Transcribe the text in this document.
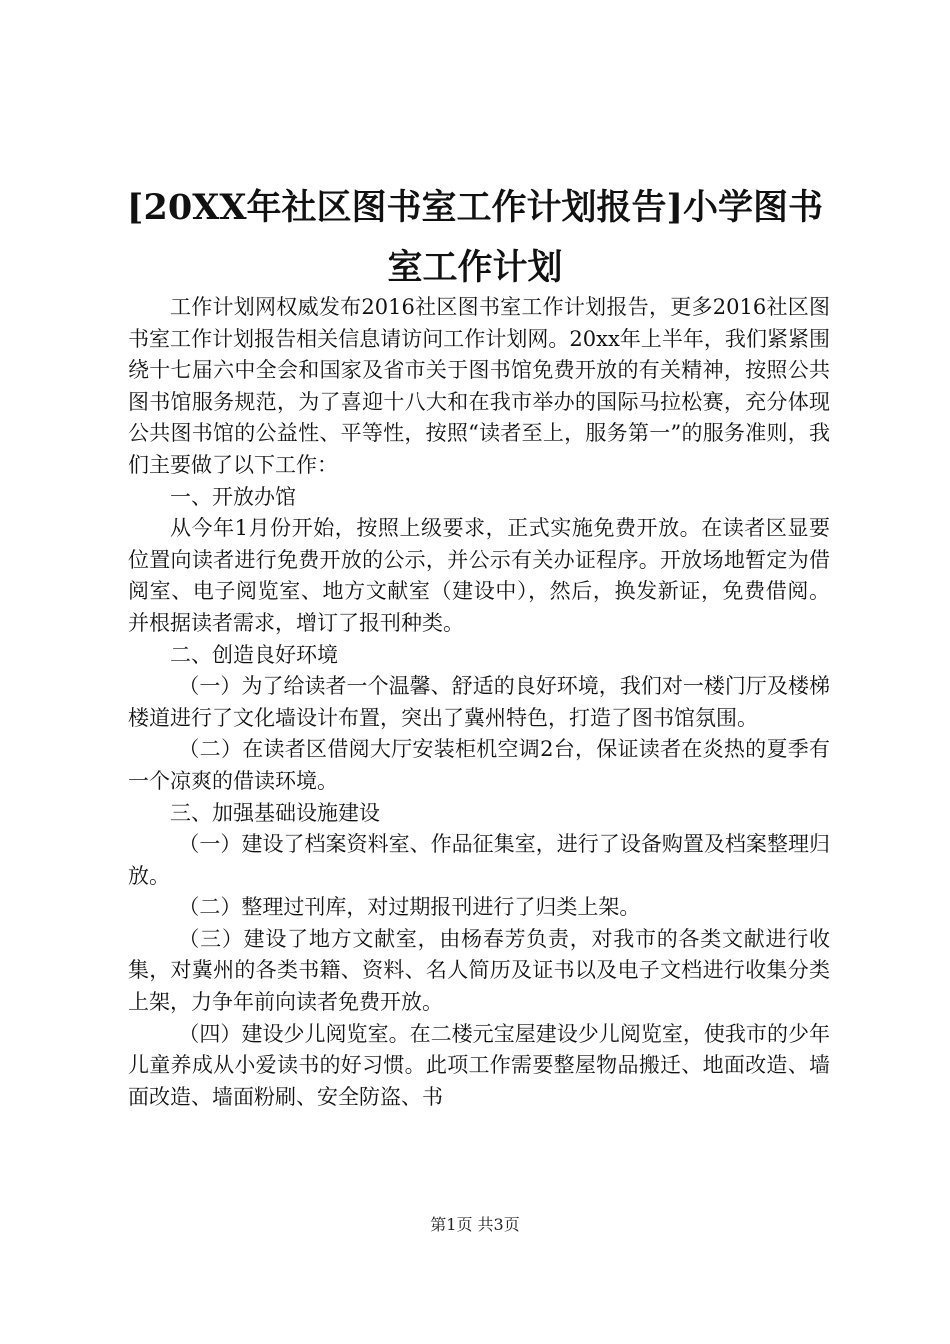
[20XX年社区图书室工作计划报告]小学图书
室工作计划

工作计划网权威发布2016社区图书室工作计划报告，更多2016社区图书室工作计划报告相关信息请访问工作计划网。20xx年上半年，我们紧紧围绕十七届六中全会和国家及省市关于图书馆免费开放的有关精神，按照公共图书馆服务规范，为了喜迎十八大和在我市举办的国际马拉松赛，充分体现公共图书馆的公益性、平等性，按照“读者至上，服务第一”的服务准则，我们主要做了以下工作：

一、开放办馆

从今年1月份开始，按照上级要求，正式实施免费开放。在读者区显要位置向读者进行免费开放的公示，并公示有关办证程序。开放场地暂定为借阅室、电子阅览室、地方文献室（建设中），然后，换发新证，免费借阅。并根据读者需求，增订了报刊种类。

二、创造良好环境

（一）为了给读者一个温馨、舒适的良好环境，我们对一楼门厅及楼梯楼道进行了文化墙设计布置，突出了冀州特色，打造了图书馆氛围。

（二）在读者区借阅大厅安装柜机空调2台，保证读者在炎热的夏季有一个凉爽的借读环境。

三、加强基础设施建设

（一）建设了档案资料室、作品征集室，进行了设备购置及档案整理归放。

（二）整理过刊库，对过期报刊进行了归类上架。

（三）建设了地方文献室，由杨春芳负责，对我市的各类文献进行收集，对冀州的各类书籍、资料、名人简历及证书以及电子文档进行收集分类上架，力争年前向读者免费开放。

（四）建设少儿阅览室。在二楼元宝屋建设少儿阅览室，使我市的少年儿童养成从小爱读书的好习惯。此项工作需要整屋物品搬迁、地面改造、墙面改造、墙面粉刷、安全防盗、书

第1页 共3页
